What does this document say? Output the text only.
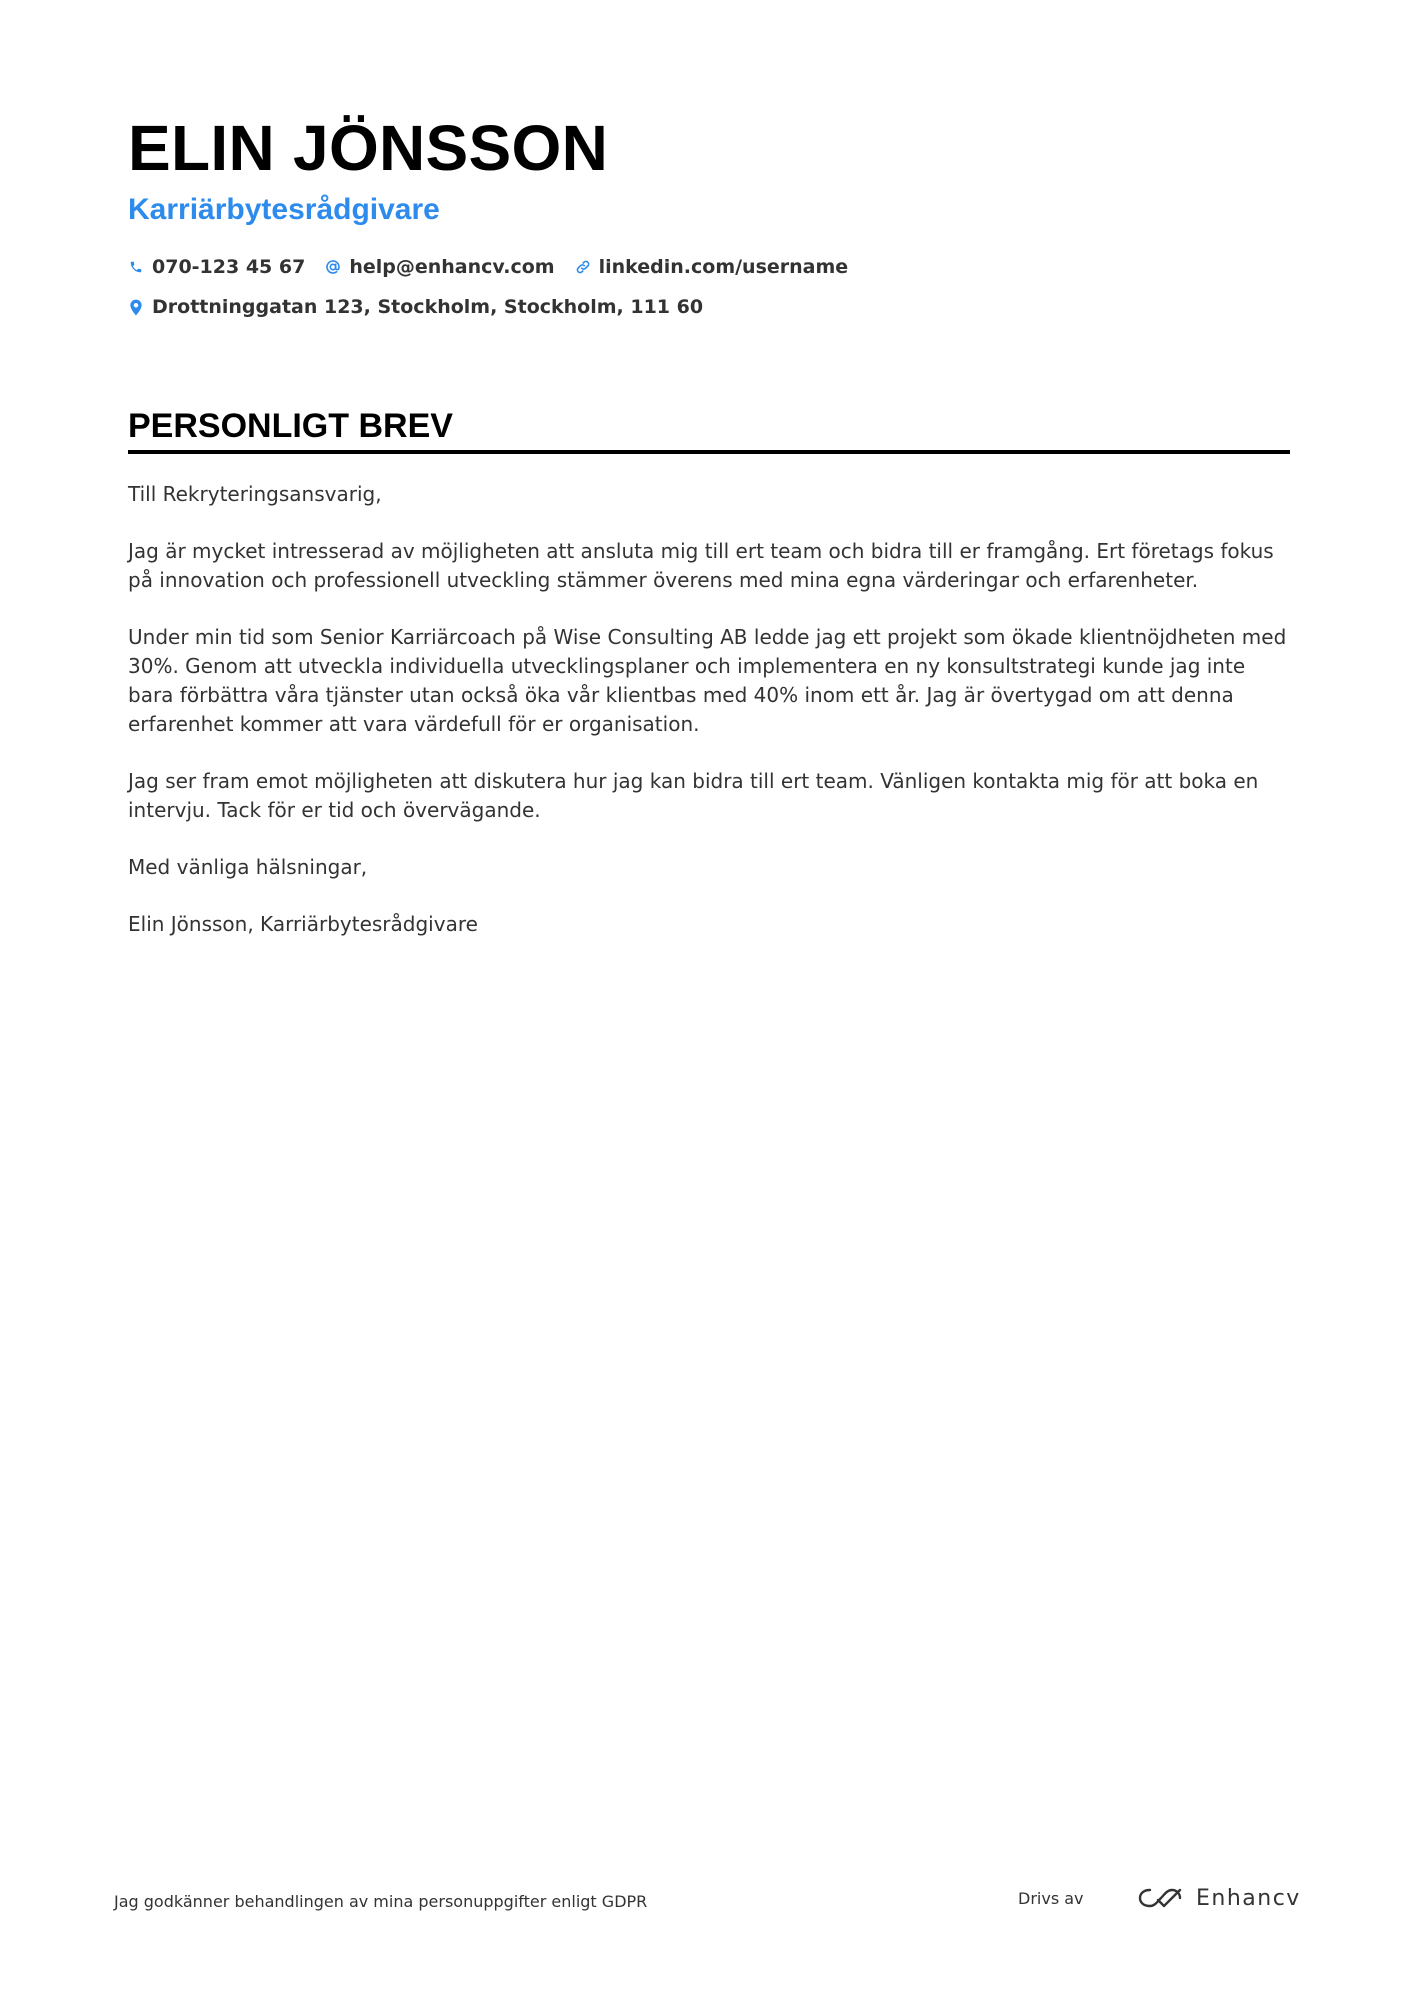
ELIN JÖNSSON
Karriärbytesrådgivare
070-123 45 67 help@enhancv.com linkedin.com/username
Drottninggatan 123, Stockholm, Stockholm, 111 60
PERSONLIGT BREV

Till Rekryteringsansvarig,

Jag är mycket intresserad av möjligheten att ansluta mig till ert team och bidra till er framgång. Ert företags fokus på innovation och professionell utveckling stämmer överens med mina egna värderingar och erfarenheter.

Under min tid som Senior Karriärcoach på Wise Consulting AB ledde jag ett projekt som ökade klientnöjdheten med 30%. Genom att utveckla individuella utvecklingsplaner och implementera en ny konsultstrategi kunde jag inte bara förbättra våra tjänster utan också öka vår klientbas med 40% inom ett år. Jag är övertygad om att denna erfarenhet kommer att vara värdefull för er organisation.

Jag ser fram emot möjligheten att diskutera hur jag kan bidra till ert team. Vänligen kontakta mig för att boka en intervju. Tack för er tid och övervägande.

Med vänliga hälsningar,

Elin Jönsson, Karriärbytesrådgivare

Jag godkänner behandlingen av mina personuppgifter enligt GDPR	Drivs av	Enhancv
